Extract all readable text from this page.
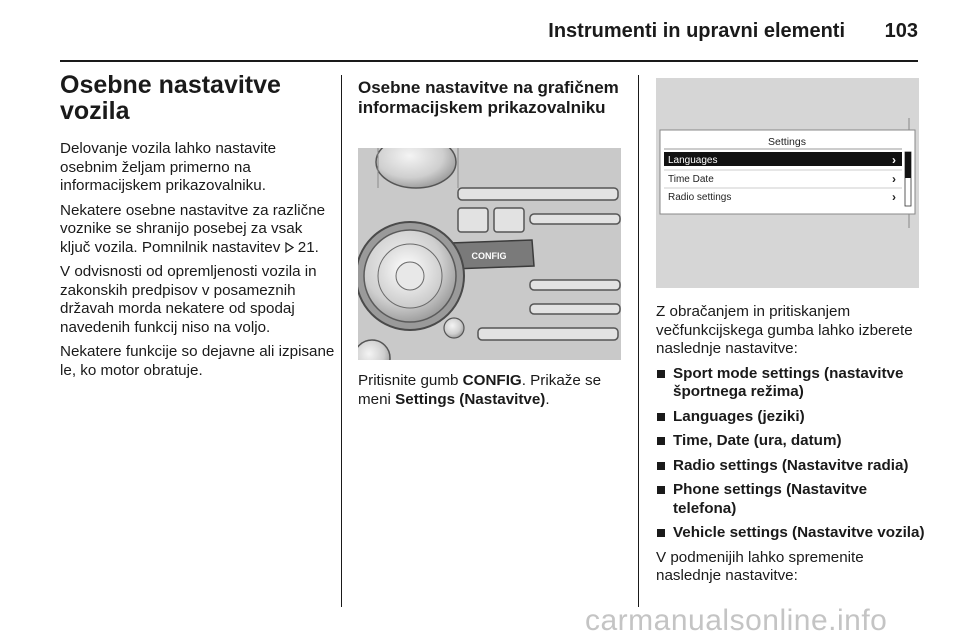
Instrumenti in upravni elementi 103
Osebne nastavitve vozila

Delovanje vozila lahko nastavite osebnim željam primerno na informacijskem prikazovalniku.

Nekatere osebne nastavitve za različne voznike se shranijo posebej za vsak ključ vozila. Pomnilnik nastavitev 21.

V odvisnosti od opremljenosti vozila in zakonskih predpisov v posameznih državah morda nekatere od spodaj navedenih funkcij niso na voljo.

Nekatere funkcije so dejavne ali izpisane le, ko motor obratuje.

Osebne nastavitve na grafičnem informacijskem prikazovalniku
CONFIG

Pritisnite gumb CONFIG. Prikaže se meni Settings (Nastavitve).

Settings
Languages	›
Time Date	›
Radio settings	›

Z obračanjem in pritiskanjem večfunkcijskega gumba lahko izberete naslednje nastavitve:

Sport mode settings (nastavitve športnega režima)
Languages (jeziki)
Time, Date (ura, datum)
Radio settings (Nastavitve radia)
Phone settings (Nastavitve telefona)
Vehicle settings (Nastavitve vozila)

V podmenijih lahko spremenite naslednje nastavitve:

carmanualsonline.info
